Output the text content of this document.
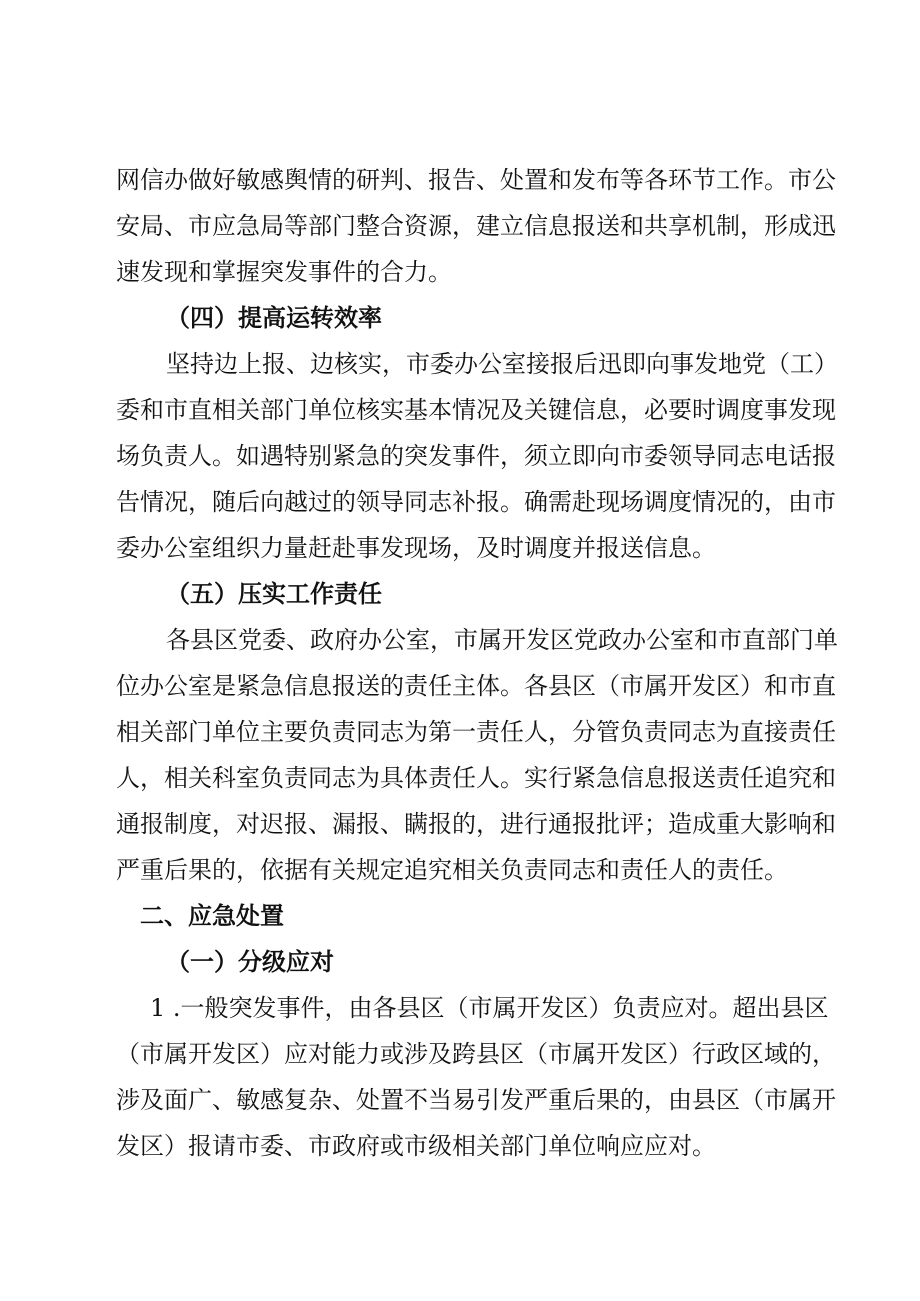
网信办做好敏感舆情的研判、报告、处置和发布等各环节工作。市公
安局、市应急局等部门整合资源，建立信息报送和共享机制，形成迅
速发现和掌握突发事件的合力。
（四）提高运转效率
坚持边上报、边核实，市委办公室接报后迅即向事发地党（工）
委和市直相关部门单位核实基本情况及关键信息，必要时调度事发现
场负责人。如遇特别紧急的突发事件，须立即向市委领导同志电话报
告情况，随后向越过的领导同志补报。确需赴现场调度情况的，由市
委办公室组织力量赶赴事发现场，及时调度并报送信息。
（五）压实工作责任
各县区党委、政府办公室，市属开发区党政办公室和市直部门单
位办公室是紧急信息报送的责任主体。各县区（市属开发区）和市直
相关部门单位主要负责同志为第一责任人，分管负责同志为直接责任
人，相关科室负责同志为具体责任人。实行紧急信息报送责任追究和
通报制度，对迟报、漏报、瞒报的，进行通报批评；造成重大影响和
严重后果的，依据有关规定追究相关负责同志和责任人的责任。
二、应急处置
（一）分级应对
1 .一般突发事件，由各县区（市属开发区）负责应对。超出县区
（市属开发区）应对能力或涉及跨县区（市属开发区）行政区域的，
涉及面广、敏感复杂、处置不当易引发严重后果的，由县区（市属开
发区）报请市委、市政府或市级相关部门单位响应应对。
